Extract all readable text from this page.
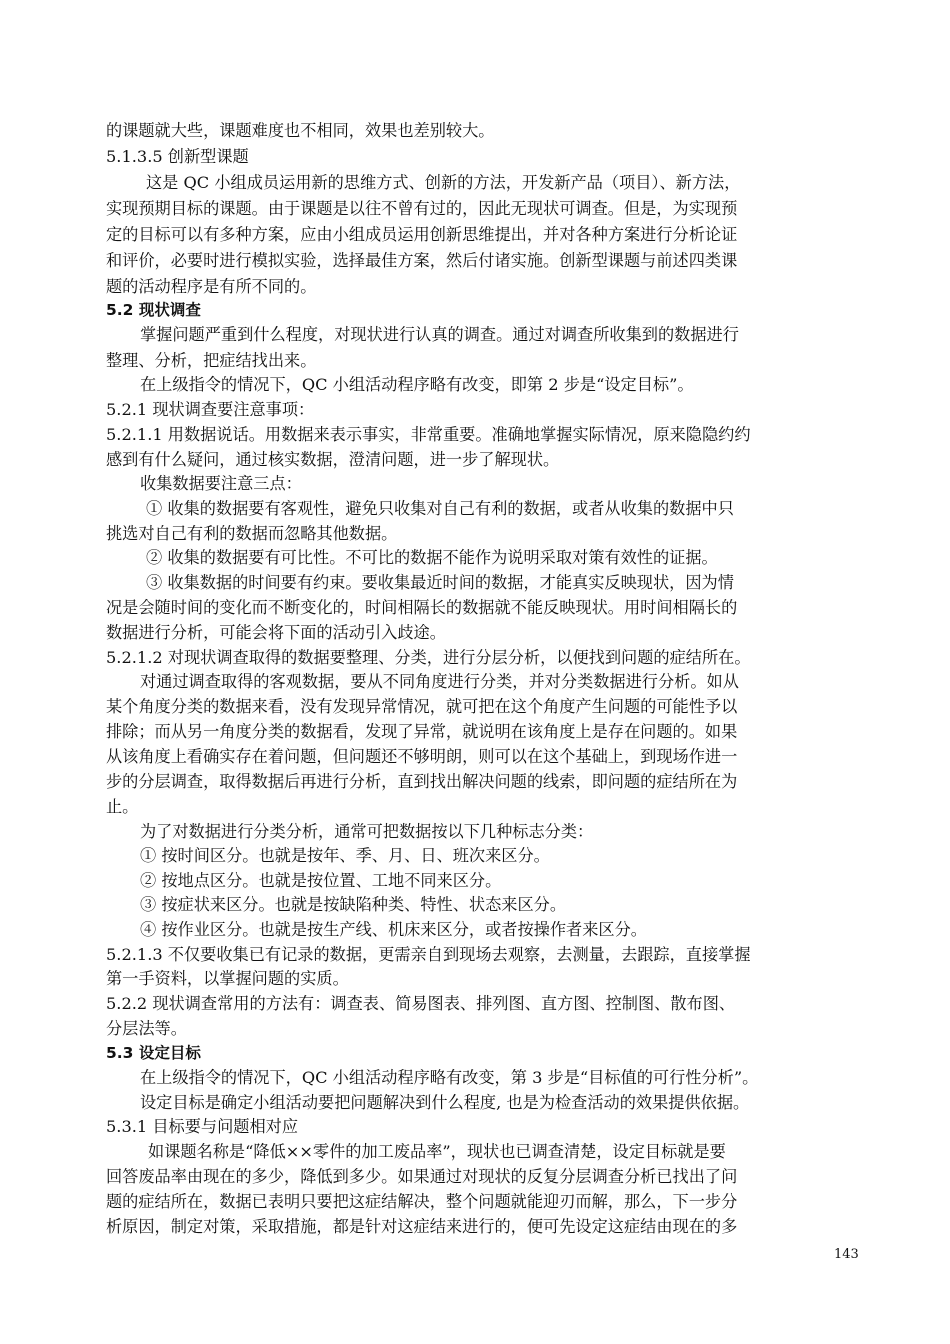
的课题就大些，课题难度也不相同，效果也差别较大。
5.1.3.5 创新型课题
这是 QC 小组成员运用新的思维方式、创新的方法，开发新产品（项目）、新方法，
实现预期目标的课题。由于课题是以往不曾有过的，因此无现状可调查。但是，为实现预
定的目标可以有多种方案，应由小组成员运用创新思维提出，并对各种方案进行分析论证
和评价，必要时进行模拟实验，选择最佳方案，然后付诸实施。创新型课题与前述四类课
题的活动程序是有所不同的。
5.2 现状调查
掌握问题严重到什么程度，对现状进行认真的调查。通过对调查所收集到的数据进行
整理、分析，把症结找出来。
在上级指令的情况下，QC 小组活动程序略有改变，即第 2 步是“设定目标”。
5.2.1 现状调查要注意事项：
5.2.1.1 用数据说话。用数据来表示事实，非常重要。准确地掌握实际情况，原来隐隐约约
感到有什么疑问，通过核实数据，澄清问题，进一步了解现状。
收集数据要注意三点：
① 收集的数据要有客观性，避免只收集对自己有利的数据，或者从收集的数据中只
挑选对自己有利的数据而忽略其他数据。
② 收集的数据要有可比性。不可比的数据不能作为说明采取对策有效性的证据。
③ 收集数据的时间要有约束。要收集最近时间的数据，才能真实反映现状，因为情
况是会随时间的变化而不断变化的，时间相隔长的数据就不能反映现状。用时间相隔长的
数据进行分析，可能会将下面的活动引入歧途。
5.2.1.2 对现状调查取得的数据要整理、分类，进行分层分析，以便找到问题的症结所在。
对通过调查取得的客观数据，要从不同角度进行分类，并对分类数据进行分析。如从
某个角度分类的数据来看，没有发现异常情况，就可把在这个角度产生问题的可能性予以
排除；而从另一角度分类的数据看，发现了异常，就说明在该角度上是存在问题的。如果
从该角度上看确实存在着问题，但问题还不够明朗，则可以在这个基础上，到现场作进一
步的分层调查，取得数据后再进行分析，直到找出解决问题的线索，即问题的症结所在为
止。
为了对数据进行分类分析，通常可把数据按以下几种标志分类：
① 按时间区分。也就是按年、季、月、日、班次来区分。
② 按地点区分。也就是按位置、工地不同来区分。
③ 按症状来区分。也就是按缺陷种类、特性、状态来区分。
④ 按作业区分。也就是按生产线、机床来区分，或者按操作者来区分。
5.2.1.3 不仅要收集已有记录的数据，更需亲自到现场去观察，去测量，去跟踪，直接掌握
第一手资料，以掌握问题的实质。
5.2.2 现状调查常用的方法有：调查表、简易图表、排列图、直方图、控制图、散布图、
分层法等。
5.3 设定目标
在上级指令的情况下，QC 小组活动程序略有改变，第 3 步是“目标值的可行性分析”。
设定目标是确定小组活动要把问题解决到什么程度, 也是为检查活动的效果提供依据。
5.3.1 目标要与问题相对应
如课题名称是“降低××零件的加工废品率”，现状也已调查清楚，设定目标就是要
回答废品率由现在的多少，降低到多少。如果通过对现状的反复分层调查分析已找出了问
题的症结所在，数据已表明只要把这症结解决，整个问题就能迎刃而解，那么，下一步分
析原因，制定对策，采取措施，都是针对这症结来进行的，便可先设定这症结由现在的多
143
